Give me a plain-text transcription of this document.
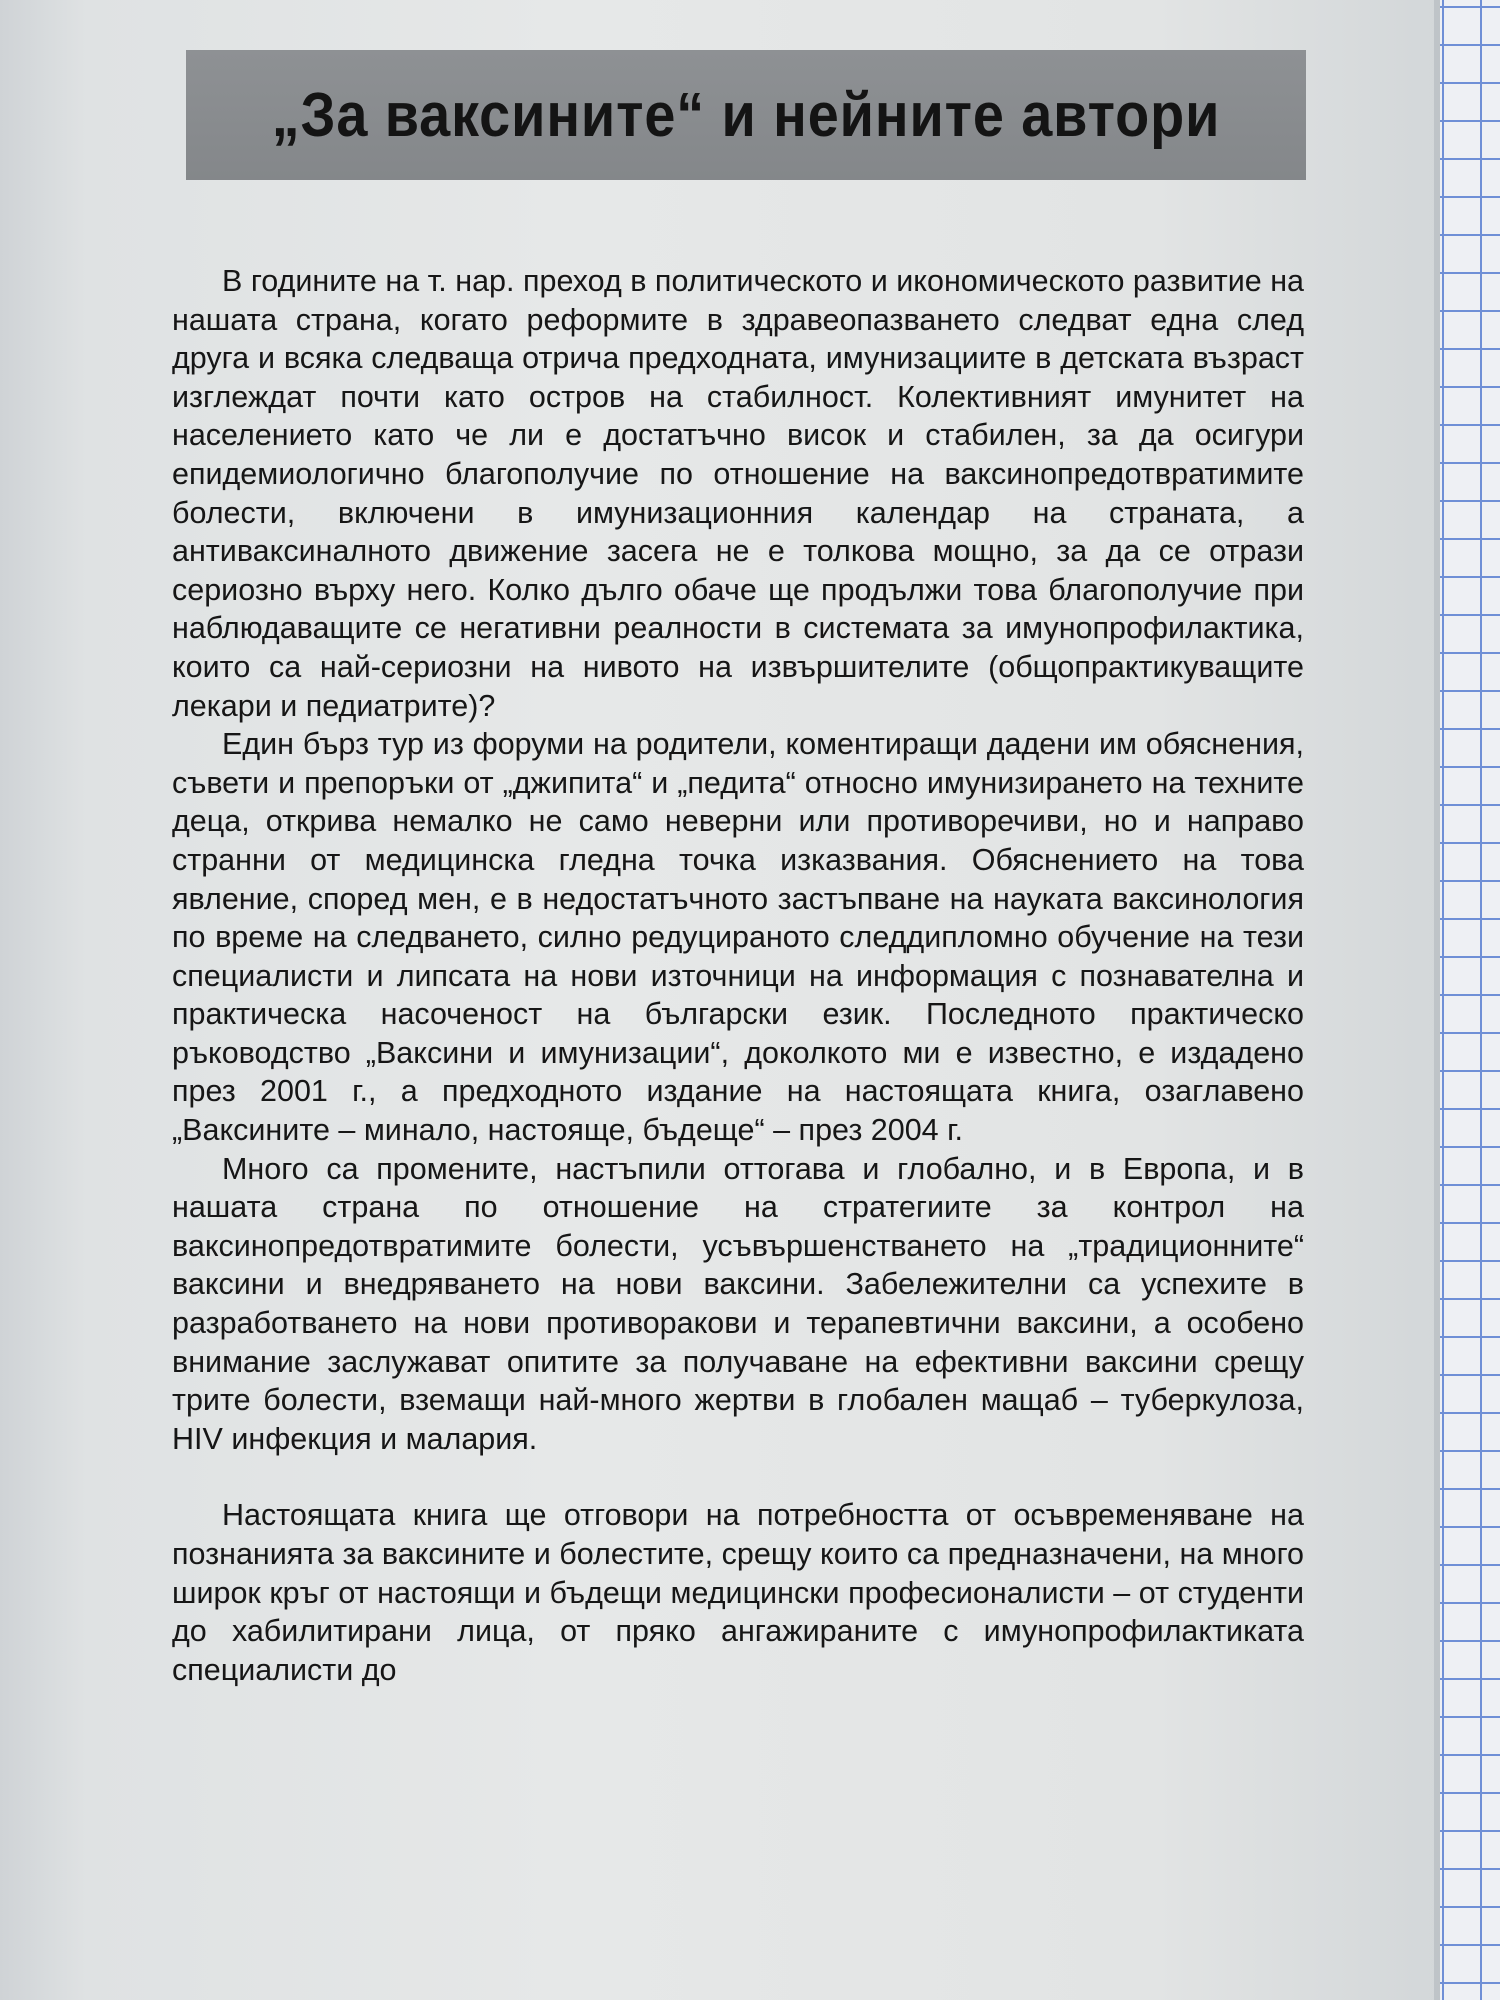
„За ваксините“ и нейните автори

В годините на т. нар. преход в политическото и икономическото развитие на нашата страна, когато реформите в здравеопазването следват една след друга и всяка следваща отрича предходната, имунизациите в детската възраст изглеждат почти като остров на стабилност. Колективният имунитет на населението като че ли е достатъчно висок и стабилен, за да осигури епидемиологично благополучие по отношение на ваксинопредотвратимите болести, включени в имунизационния календар на страната, а антиваксиналното движение засега не е толкова мощно, за да се отрази сериозно върху него. Колко дълго обаче ще продължи това благополучие при наблюдаващите се негативни реалности в системата за имунопрофилактика, които са най-сериозни на нивото на извършителите (общопрактикуващите лекари и педиатрите)?

Един бърз тур из форуми на родители, коментиращи дадени им обяснения, съвети и препоръки от „джипита“ и „педита“ относно имунизирането на техните деца, открива немалко не само неверни или противоречиви, но и направо странни от медицинска гледна точка изказвания. Обяснението на това явление, според мен, е в недостатъчното застъпване на науката ваксинология по време на следването, силно редуцираното следдипломно обучение на тези специалисти и липсата на нови източници на информация с познавателна и практическа насоченост на български език. Последното практическо ръководство „Ваксини и имунизации“, доколкото ми е известно, е издадено през 2001 г., а предходното издание на настоящата книга, озаглавено „Ваксините – минало, настояще, бъдеще“ – през 2004 г.

Много са промените, настъпили оттогава и глобално, и в Европа, и в нашата страна по отношение на стратегиите за контрол на ваксинопредотвратимите болести, усъвършенстването на „традиционните“ ваксини и внедряването на нови ваксини. Забележителни са успехите в разработването на нови противоракови и терапевтични ваксини, а особено внимание заслужават опитите за получаване на ефективни ваксини срещу трите болести, вземащи най-много жертви в глобален мащаб – туберкулоза, HIV инфекция и малария.

Настоящата книга ще отговори на потребността от осъвременяване на познанията за ваксините и болестите, срещу които са предназначени, на много широк кръг от настоящи и бъдещи медицински професионалисти – от студенти до хабилитирани лица, от пряко ангажираните с имунопрофилактиката специалисти до
